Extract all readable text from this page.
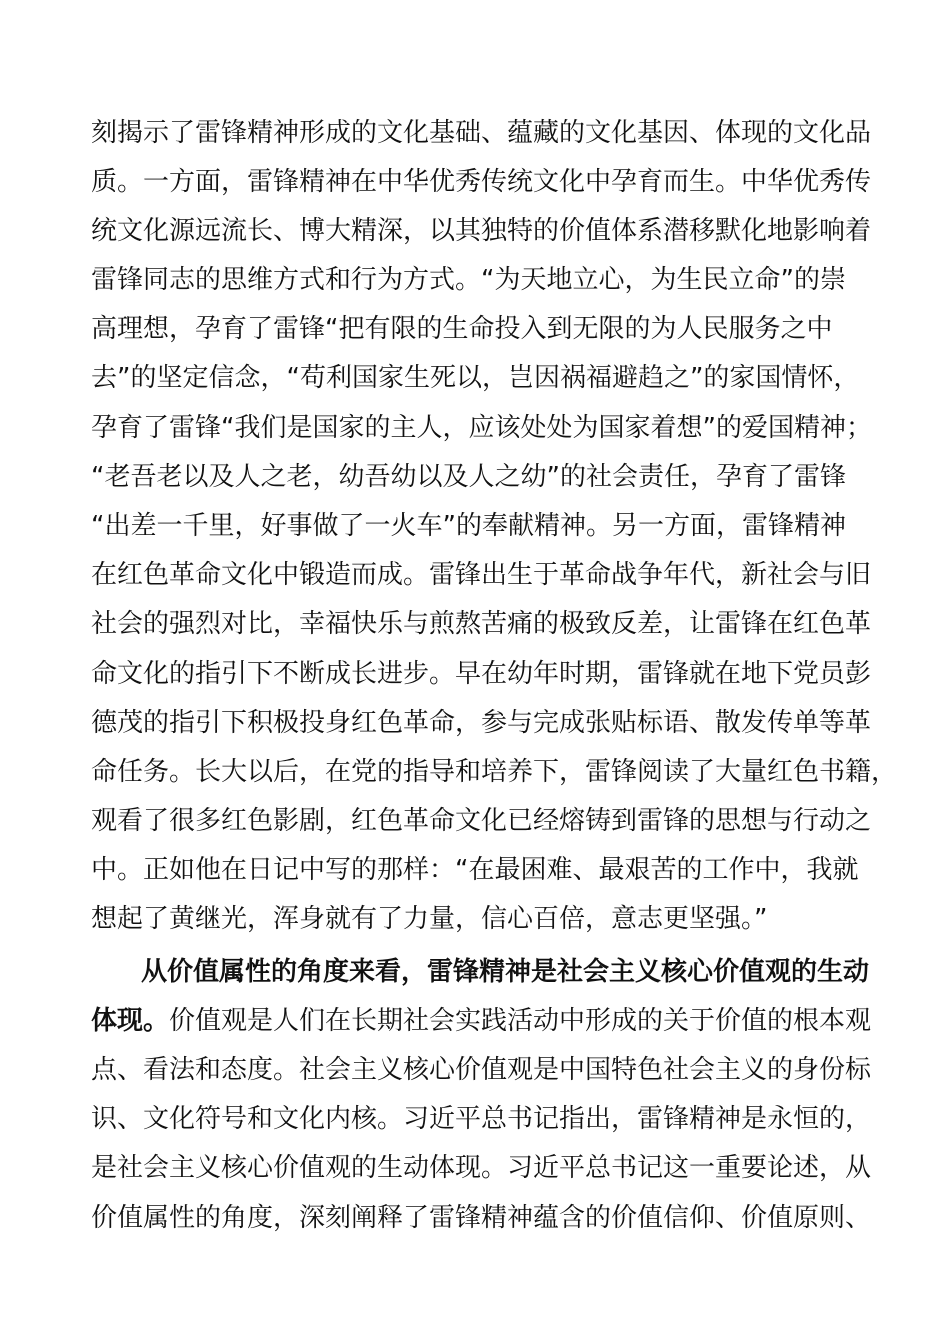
刻揭示了雷锋精神形成的文化基础、蕴藏的文化基因、体现的文化品
质。一方面，雷锋精神在中华优秀传统文化中孕育而生。中华优秀传
统文化源远流长、博大精深，以其独特的价值体系潜移默化地影响着
雷锋同志的思维方式和行为方式。“为天地立心，为生民立命”的崇
高理想，孕育了雷锋“把有限的生命投入到无限的为人民服务之中
去”的坚定信念，“苟利国家生死以，岂因祸福避趋之”的家国情怀，
孕育了雷锋“我们是国家的主人，应该处处为国家着想”的爱国精神；
“老吾老以及人之老，幼吾幼以及人之幼”的社会责任，孕育了雷锋
“出差一千里，好事做了一火车”的奉献精神。另一方面，雷锋精神
在红色革命文化中锻造而成。雷锋出生于革命战争年代，新社会与旧
社会的强烈对比，幸福快乐与煎熬苦痛的极致反差，让雷锋在红色革
命文化的指引下不断成长进步。早在幼年时期，雷锋就在地下党员彭
德茂的指引下积极投身红色革命，参与完成张贴标语、散发传单等革
命任务。长大以后，在党的指导和培养下，雷锋阅读了大量红色书籍，
观看了很多红色影剧，红色革命文化已经熔铸到雷锋的思想与行动之
中。正如他在日记中写的那样：“在最困难、最艰苦的工作中，我就
想起了黄继光，浑身就有了力量，信心百倍，意志更坚强。”
从价值属性的角度来看，雷锋精神是社会主义核心价值观的生动
体现。价值观是人们在长期社会实践活动中形成的关于价值的根本观
点、看法和态度。社会主义核心价值观是中国特色社会主义的身份标
识、文化符号和文化内核。习近平总书记指出，雷锋精神是永恒的，
是社会主义核心价值观的生动体现。习近平总书记这一重要论述，从
价值属性的角度，深刻阐释了雷锋精神蕴含的价值信仰、价值原则、
